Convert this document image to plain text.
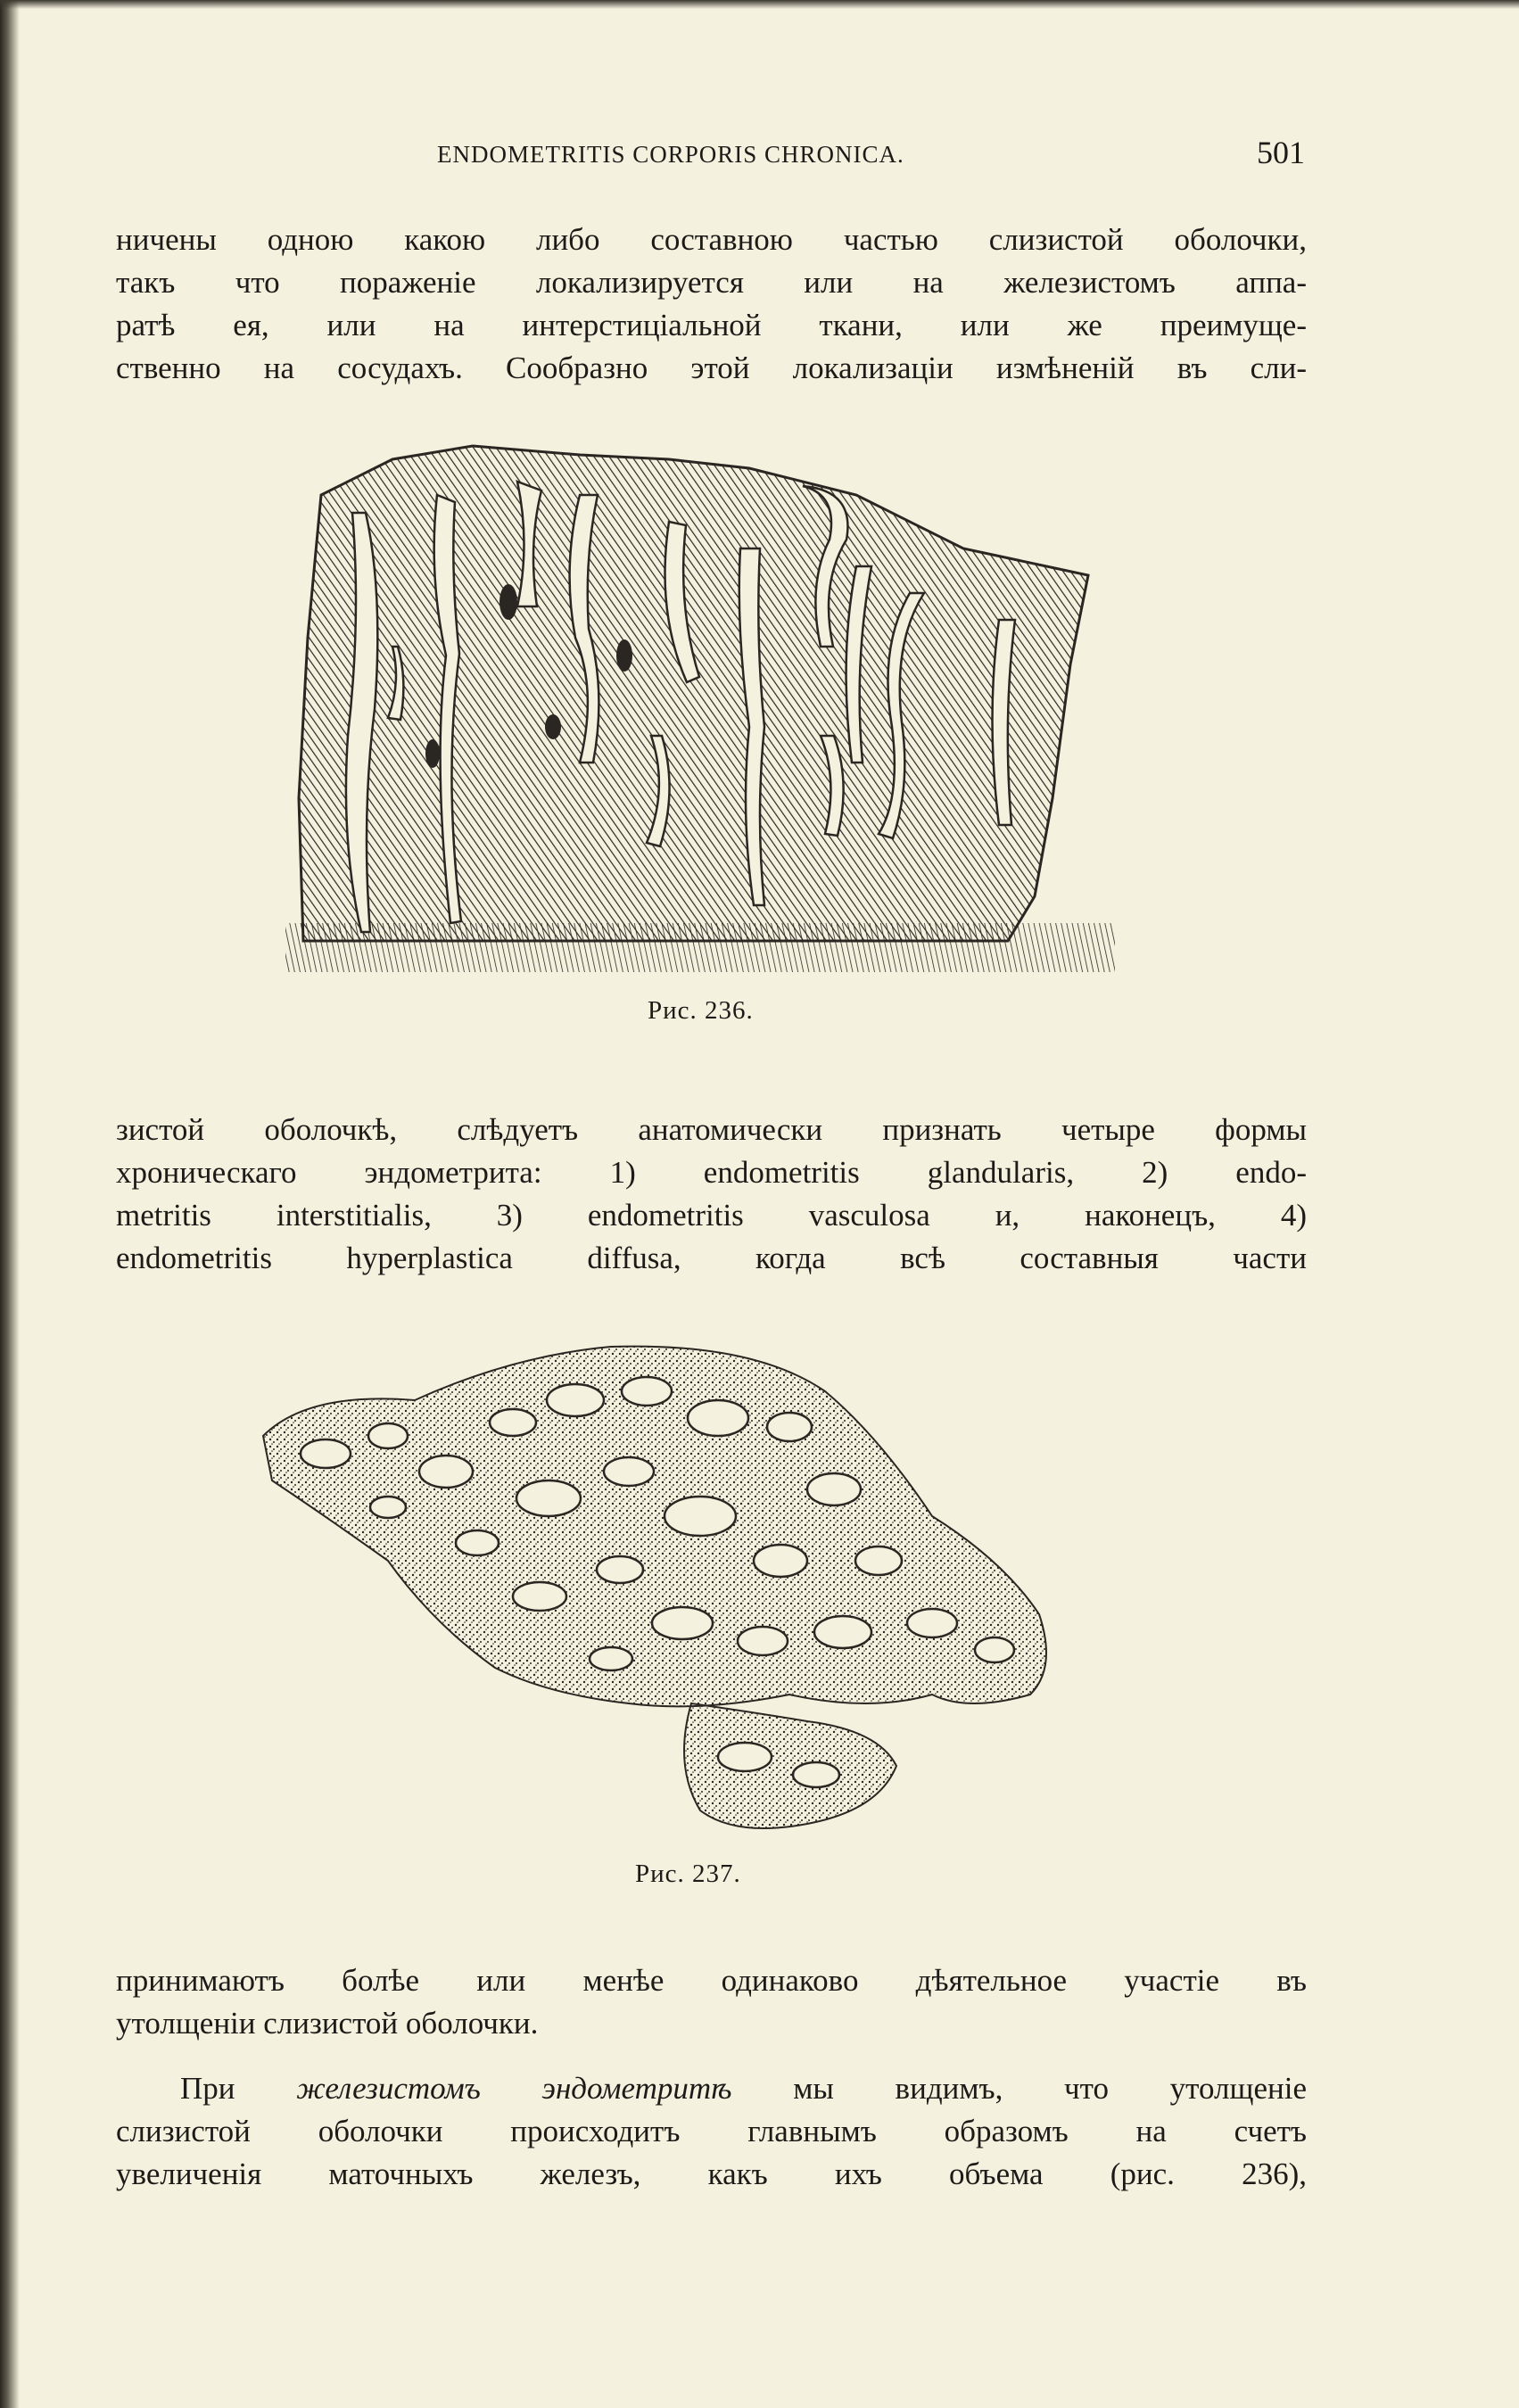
ENDOMETRITIS CORPORIS CHRONICA.	501
ничены одною какою либо составною частью слизистой оболочки,
такъ что пораженіе локализируется или на железистомъ аппа-
ратѣ ея, или на интерстиціальной ткани, или же преимуще-
ственно на сосудахъ. Сообразно этой локализаціи измѣненій въ сли-
Рис. 236.
зистой оболочкѣ, слѣдуетъ анатомически признать четыре формы
хроническаго эндометрита: 1) endometritis glandularis, 2) endo-
metritis interstitialis, 3) endometritis vasculosa и, наконецъ, 4)
endometritis hyperplastica diffusa, когда всѣ составныя части
Рис. 237.
принимаютъ болѣе или менѣе одинаково дѣятельное участіе въ
утолщеніи слизистой оболочки.
При железистомъ эндометритѣ мы видимъ, что утолщеніе
слизистой оболочки происходитъ главнымъ образомъ на счетъ
увеличенія маточныхъ железъ, какъ ихъ объема (рис. 236),
